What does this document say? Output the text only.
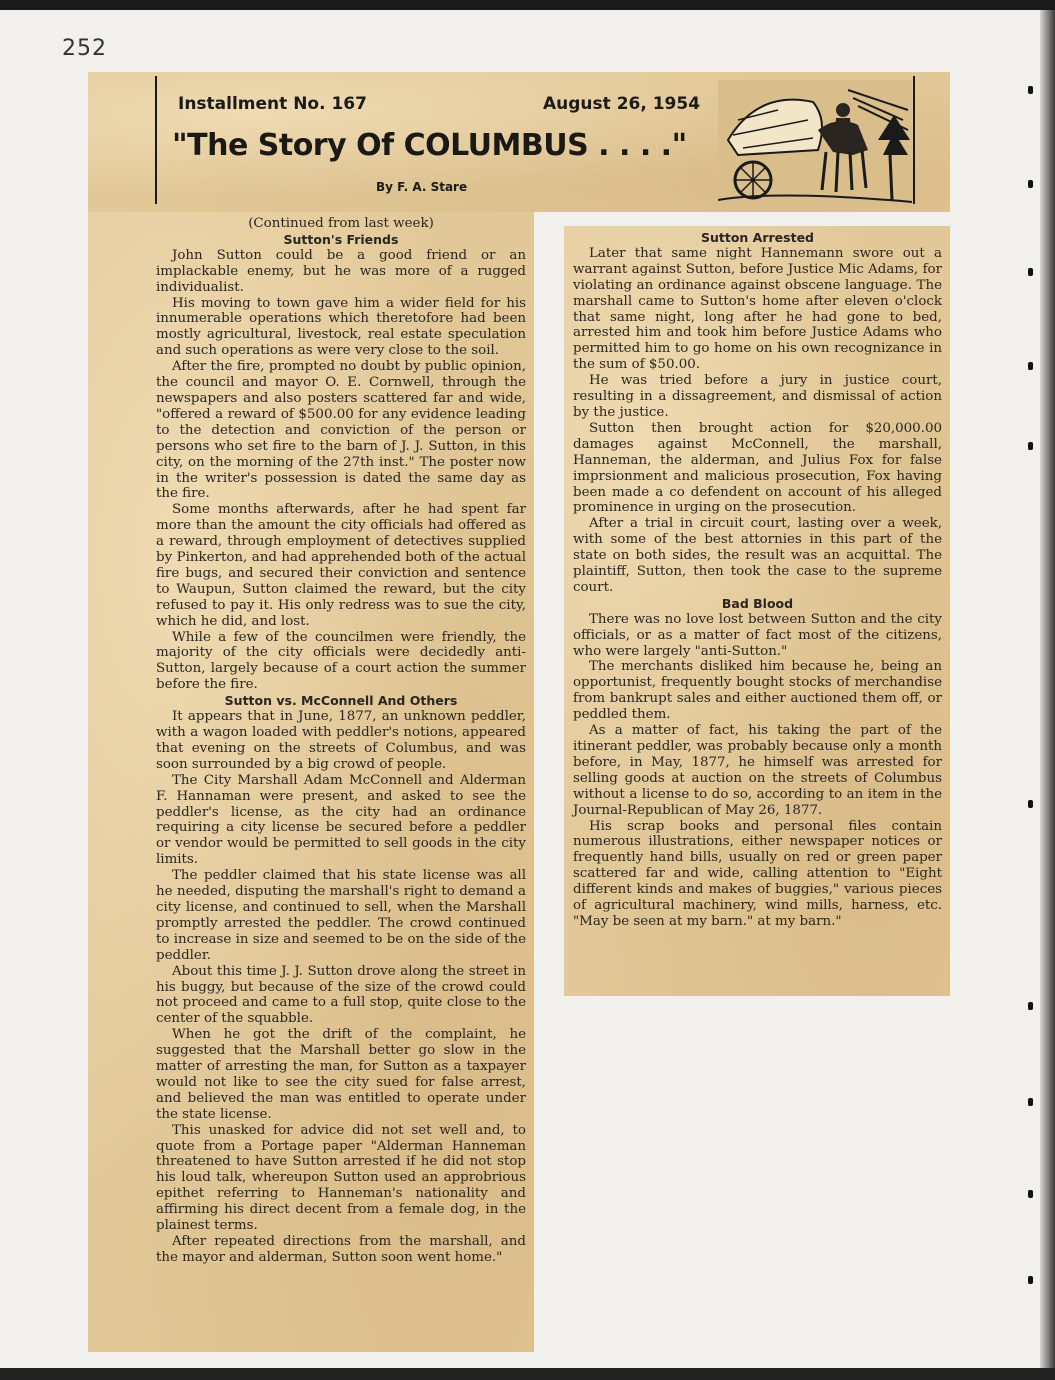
252
Installment No. 167	August 26, 1954
"The Story Of COLUMBUS . . . ."
By F. A. Stare

(Continued from last week)

Sutton's Friends

John Sutton could be a good friend or an implackable enemy, but he was more of a rugged individualist.

His moving to town gave him a wider field for his innumerable operations which theretofore had been mostly agricultural, livestock, real estate speculation and such operations as were very close to the soil.

After the fire, prompted no doubt by public opinion, the council and mayor O. E. Cornwell, through the newspapers and also posters scattered far and wide, "offered a reward of $500.00 for any evidence leading to the detection and conviction of the person or persons who set fire to the barn of J. J. Sutton, in this city, on the morning of the 27th inst." The poster now in the writer's possession is dated the same day as the fire.

Some months afterwards, after he had spent far more than the amount the city officials had offered as a reward, through employment of detectives supplied by Pinkerton, and had apprehended both of the actual fire bugs, and secured their conviction and sentence to Waupun, Sutton claimed the reward, but the city refused to pay it. His only redress was to sue the city, which he did, and lost.

While a few of the councilmen were friendly, the majority of the city officials were decidedly anti-Sutton, largely because of a court action the summer before the fire.

Sutton vs. McConnell And Others

It appears that in June, 1877, an unknown peddler, with a wagon loaded with peddler's notions, appeared that evening on the streets of Columbus, and was soon surrounded by a big crowd of people.

The City Marshall Adam McConnell and Alderman F. Hannaman were present, and asked to see the peddler's license, as the city had an ordinance requiring a city license be secured before a peddler or vendor would be permitted to sell goods in the city limits.

The peddler claimed that his state license was all he needed, disputing the marshall's right to demand a city license, and continued to sell, when the Marshall promptly arrested the peddler. The crowd continued to increase in size and seemed to be on the side of the peddler.

About this time J. J. Sutton drove along the street in his buggy, but because of the size of the crowd could not proceed and came to a full stop, quite close to the center of the squabble.

When he got the drift of the complaint, he suggested that the Marshall better go slow in the matter of arresting the man, for Sutton as a taxpayer would not like to see the city sued for false arrest, and believed the man was entitled to operate under the state license.

This unasked for advice did not set well and, to quote from a Portage paper "Alderman Hanneman threatened to have Sutton arrested if he did not stop his loud talk, whereupon Sutton used an approbrious epithet referring to Hanneman's nationality and affirming his direct decent from a female dog, in the plainest terms.

After repeated directions from the marshall, and the mayor and alderman, Sutton soon went home."

Sutton Arrested

Later that same night Hannemann swore out a warrant against Sutton, before Justice Mic Adams, for violating an ordinance against obscene language. The marshall came to Sutton's home after eleven o'clock that same night, long after he had gone to bed, arrested him and took him before Justice Adams who permitted him to go home on his own recognizance in the sum of $50.00.

He was tried before a jury in justice court, resulting in a dissagreement, and dismissal of action by the justice.

Sutton then brought action for $20,000.00 damages against McConnell, the marshall, Hanneman, the alderman, and Julius Fox for false imprsionment and malicious prosecution, Fox having been made a co defendent on account of his alleged prominence in urging on the prosecution.

After a trial in circuit court, lasting over a week, with some of the best attornies in this part of the state on both sides, the result was an acquittal. The plaintiff, Sutton, then took the case to the supreme court.

Bad Blood

There was no love lost between Sutton and the city officials, or as a matter of fact most of the citizens, who were largely "anti-Sutton."

The merchants disliked him because he, being an opportunist, frequently bought stocks of merchandise from bankrupt sales and either auctioned them off, or peddled them.

As a matter of fact, his taking the part of the itinerant peddler, was probably because only a month before, in May, 1877, he himself was arrested for selling goods at auction on the streets of Columbus without a license to do so, according to an item in the Journal-Republican of May 26, 1877.

His scrap books and personal files contain numerous illustrations, either newspaper notices or frequently hand bills, usually on red or green paper scattered far and wide, calling attention to "Eight different kinds and makes of buggies," various pieces of agricultural machinery, wind mills, harness, etc. "May be seen at my barn." at my barn."
